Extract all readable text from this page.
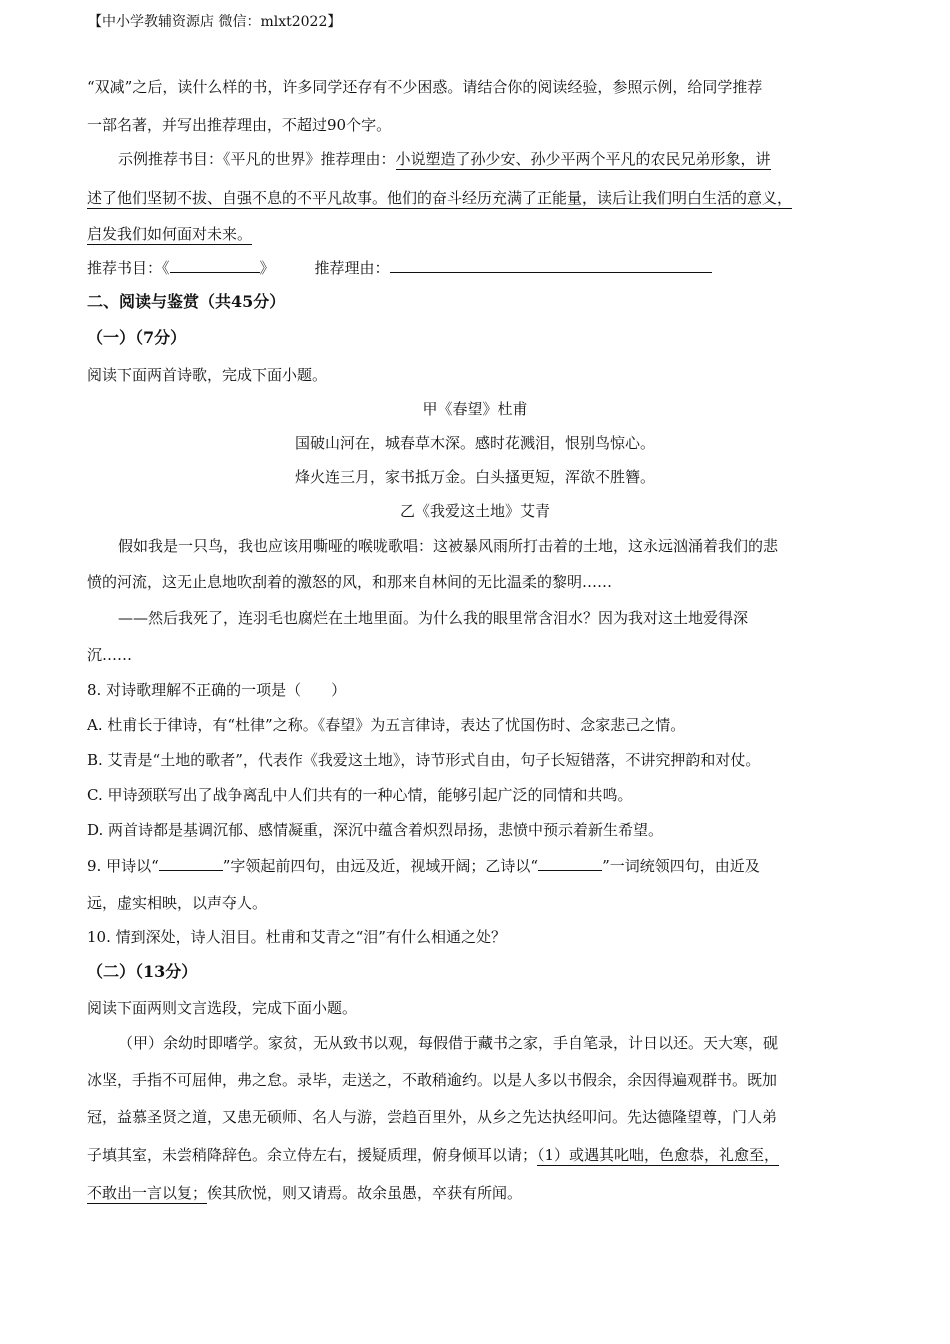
【中小学教辅资源店 微信：mlxt2022】
“双减”之后，读什么样的书，许多同学还存有不少困惑。请结合你的阅读经验，参照示例，给同学推荐
一部名著，并写出推荐理由，不超过90个字。
示例推荐书目：《平凡的世界》推荐理由：小说塑造了孙少安、孙少平两个平凡的农民兄弟形象，讲
述了他们坚韧不拔、自强不息的不平凡故事。他们的奋斗经历充满了正能量，读后让我们明白生活的意义，
启发我们如何面对未来。
推荐书目：《	》	推荐理由：
二、阅读与鉴赏（共45分）
（一）（7分）
阅读下面两首诗歌，完成下面小题。
甲《春望》杜甫
国破山河在，城春草木深。感时花溅泪，恨别鸟惊心。
烽火连三月，家书抵万金。白头搔更短，浑欲不胜簪。
乙《我爱这土地》艾青
假如我是一只鸟，我也应该用嘶哑的喉咙歌唱：这被暴风雨所打击着的土地，这永远汹涌着我们的悲
愤的河流，这无止息地吹刮着的激怒的风，和那来自林间的无比温柔的黎明……
——然后我死了，连羽毛也腐烂在土地里面。为什么我的眼里常含泪水？因为我对这土地爱得深
沉……
8. 对诗歌理解不正确的一项是（　　）
A. 杜甫长于律诗，有“杜律”之称。《春望》为五言律诗，表达了忧国伤时、念家悲己之情。
B. 艾青是“土地的歌者”，代表作《我爱这土地》，诗节形式自由，句子长短错落，不讲究押韵和对仗。
C. 甲诗颈联写出了战争离乱中人们共有的一种心情，能够引起广泛的同情和共鸣。
D. 两首诗都是基调沉郁、感情凝重，深沉中蕴含着炽烈昂扬，悲愤中预示着新生希望。
9. 甲诗以“	”字领起前四句，由远及近，视域开阔；乙诗以“	”一词统领四句，由近及
远，虚实相映，以声夺人。
10. 情到深处，诗人泪目。杜甫和艾青之“泪”有什么相通之处？
（二）（13分）
阅读下面两则文言选段，完成下面小题。
（甲）余幼时即嗜学。家贫，无从致书以观，每假借于藏书之家，手自笔录，计日以还。天大寒，砚
冰坚，手指不可屈伸，弗之怠。录毕，走送之，不敢稍逾约。以是人多以书假余，余因得遍观群书。既加
冠，益慕圣贤之道，又患无硕师、名人与游，尝趋百里外，从乡之先达执经叩问。先达德隆望尊，门人弟
子填其室，未尝稍降辞色。余立侍左右，援疑质理，俯身倾耳以请；（1）或遇其叱咄，色愈恭，礼愈至，
不敢出一言以复；俟其欣悦，则又请焉。故余虽愚，卒获有所闻。
